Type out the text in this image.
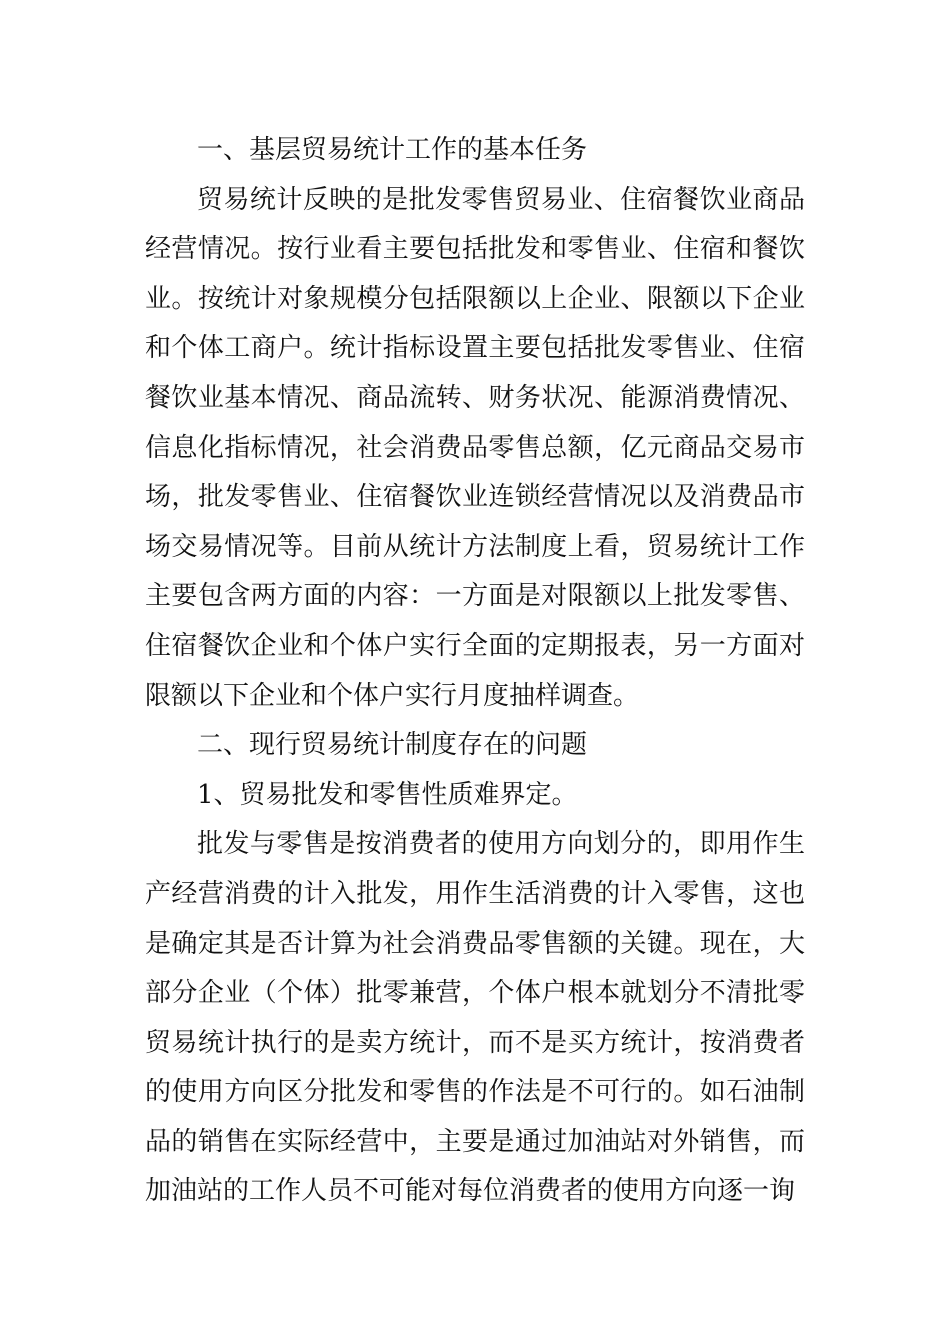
一、基层贸易统计工作的基本任务

贸易统计反映的是批发零售贸易业、住宿餐饮业商品经营情况。按行业看主要包括批发和零售业、住宿和餐饮业。按统计对象规模分包括限额以上企业、限额以下企业和个体工商户。统计指标设置主要包括批发零售业、住宿餐饮业基本情况、商品流转、财务状况、能源消费情况、信息化指标情况，社会消费品零售总额，亿元商品交易市场，批发零售业、住宿餐饮业连锁经营情况以及消费品市场交易情况等。目前从统计方法制度上看，贸易统计工作主要包含两方面的内容：一方面是对限额以上批发零售、住宿餐饮企业和个体户实行全面的定期报表，另一方面对限额以下企业和个体户实行月度抽样调查。

二、现行贸易统计制度存在的问题

1、贸易批发和零售性质难界定。

批发与零售是按消费者的使用方向划分的，即用作生产经营消费的计入批发，用作生活消费的计入零售，这也是确定其是否计算为社会消费品零售额的关键。现在，大部分企业（个体）批零兼营，个体户根本就划分不清批零贸易统计执行的是卖方统计，而不是买方统计，按消费者的使用方向区分批发和零售的作法是不可行的。如石油制品的销售在实际经营中，主要是通过加油站对外销售，而加油站的工作人员不可能对每位消费者的使用方向逐一询
